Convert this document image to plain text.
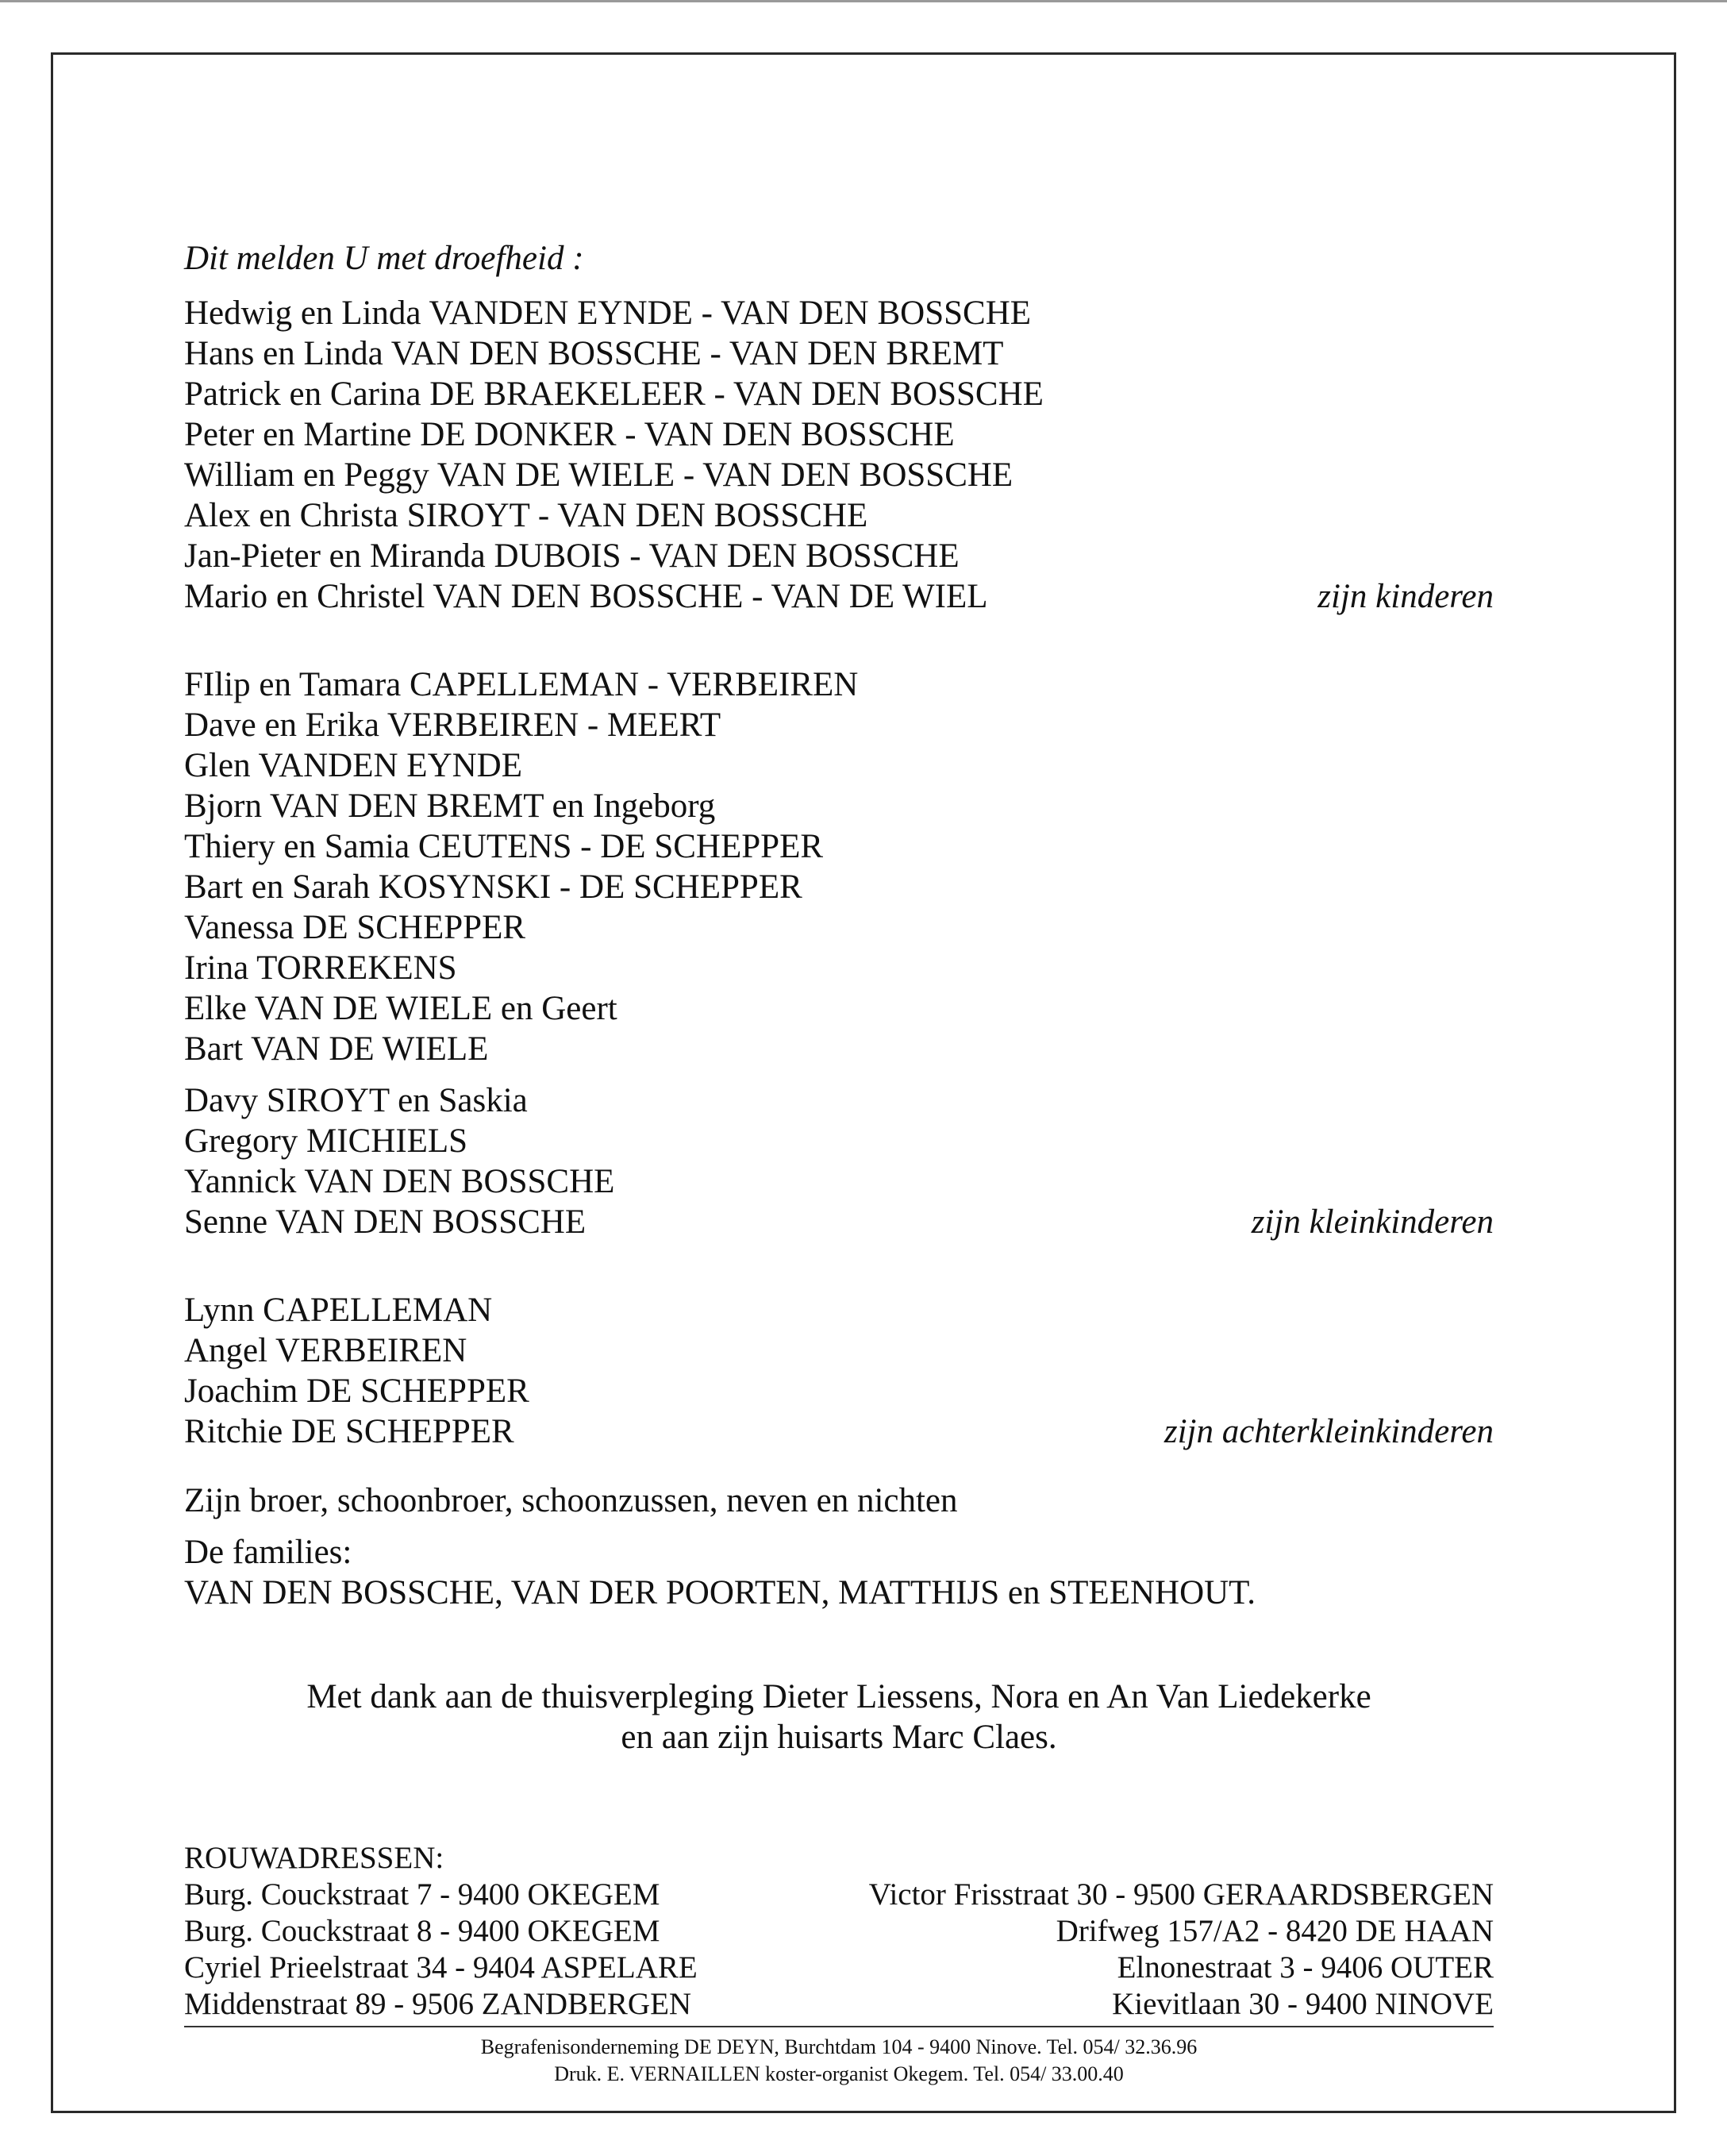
Dit melden U met droefheid :
Hedwig en Linda VANDEN EYNDE - VAN DEN BOSSCHE
Hans en Linda VAN DEN BOSSCHE - VAN DEN BREMT
Patrick en Carina DE BRAEKELEER - VAN DEN BOSSCHE
Peter en Martine DE DONKER - VAN DEN BOSSCHE
William en Peggy VAN DE WIELE - VAN DEN BOSSCHE
Alex en Christa SIROYT - VAN DEN BOSSCHE
Jan-Pieter en Miranda DUBOIS - VAN DEN BOSSCHE
Mario en Christel VAN DEN BOSSCHE - VAN DE WIEL	zijn kinderen
FIlip en Tamara CAPELLEMAN - VERBEIREN
Dave en Erika VERBEIREN - MEERT
Glen VANDEN EYNDE
Bjorn VAN DEN BREMT en Ingeborg
Thiery en Samia CEUTENS - DE SCHEPPER
Bart en Sarah KOSYNSKI - DE SCHEPPER
Vanessa DE SCHEPPER
Irina TORREKENS
Elke VAN DE WIELE en Geert
Bart VAN DE WIELE
Davy SIROYT en Saskia
Gregory MICHIELS
Yannick VAN DEN BOSSCHE
Senne VAN DEN BOSSCHE	zijn kleinkinderen
Lynn CAPELLEMAN
Angel VERBEIREN
Joachim DE SCHEPPER
Ritchie DE SCHEPPER	zijn achterkleinkinderen
Zijn broer, schoonbroer, schoonzussen, neven en nichten
De families:
VAN DEN BOSSCHE, VAN DER POORTEN, MATTHIJS en STEENHOUT.
Met dank aan de thuisverpleging Dieter Liessens, Nora en An Van Liedekerke
en aan zijn huisarts Marc Claes.
ROUWADRESSEN:
Burg. Couckstraat 7 - 9400 OKEGEM	Victor Frisstraat 30 - 9500 GERAARDSBERGEN
Burg. Couckstraat 8 - 9400 OKEGEM	Drifweg 157/A2 - 8420 DE HAAN
Cyriel Prieelstraat 34 - 9404 ASPELARE	Elnonestraat 3 - 9406 OUTER
Middenstraat 89 - 9506 ZANDBERGEN	Kievitlaan 30 - 9400 NINOVE
Begrafenisonderneming DE DEYN, Burchtdam 104 - 9400 Ninove. Tel. 054/ 32.36.96
Druk. E. VERNAILLEN koster-organist Okegem. Tel. 054/ 33.00.40
